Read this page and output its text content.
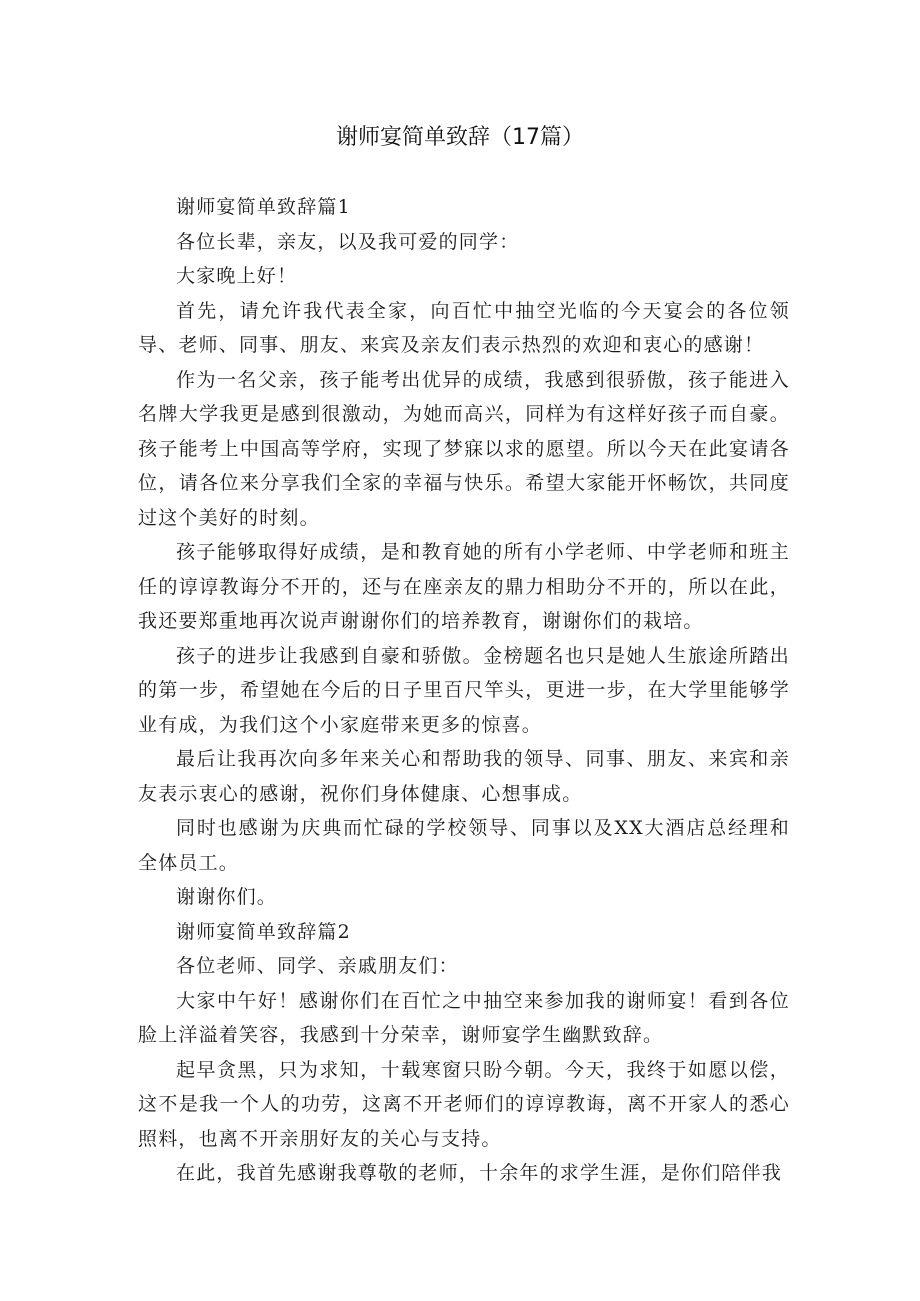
谢师宴简单致辞（17篇）

谢师宴简单致辞篇1

各位长辈，亲友，以及我可爱的同学：

大家晚上好！

首先，请允许我代表全家，向百忙中抽空光临的今天宴会的各位领导、老师、同事、朋友、来宾及亲友们表示热烈的欢迎和衷心的感谢！

作为一名父亲，孩子能考出优异的成绩，我感到很骄傲，孩子能进入名牌大学我更是感到很激动，为她而高兴，同样为有这样好孩子而自豪。孩子能考上中国高等学府，实现了梦寐以求的愿望。所以今天在此宴请各位，请各位来分享我们全家的幸福与快乐。希望大家能开怀畅饮，共同度过这个美好的时刻。

孩子能够取得好成绩，是和教育她的所有小学老师、中学老师和班主任的谆谆教诲分不开的，还与在座亲友的鼎力相助分不开的，所以在此，我还要郑重地再次说声谢谢你们的培养教育，谢谢你们的栽培。

孩子的进步让我感到自豪和骄傲。金榜题名也只是她人生旅途所踏出的第一步，希望她在今后的日子里百尺竿头，更进一步，在大学里能够学业有成，为我们这个小家庭带来更多的惊喜。

最后让我再次向多年来关心和帮助我的领导、同事、朋友、来宾和亲友表示衷心的感谢，祝你们身体健康、心想事成。

同时也感谢为庆典而忙碌的学校领导、同事以及XX大酒店总经理和全体员工。

谢谢你们。

谢师宴简单致辞篇2

各位老师、同学、亲戚朋友们：

大家中午好！感谢你们在百忙之中抽空来参加我的谢师宴！看到各位脸上洋溢着笑容，我感到十分荣幸，谢师宴学生幽默致辞。

起早贪黑，只为求知，十载寒窗只盼今朝。今天，我终于如愿以偿，这不是我一个人的功劳，这离不开老师们的谆谆教诲，离不开家人的悉心照料，也离不开亲朋好友的关心与支持。

在此，我首先感谢我尊敬的老师，十余年的求学生涯，是你们陪伴我
